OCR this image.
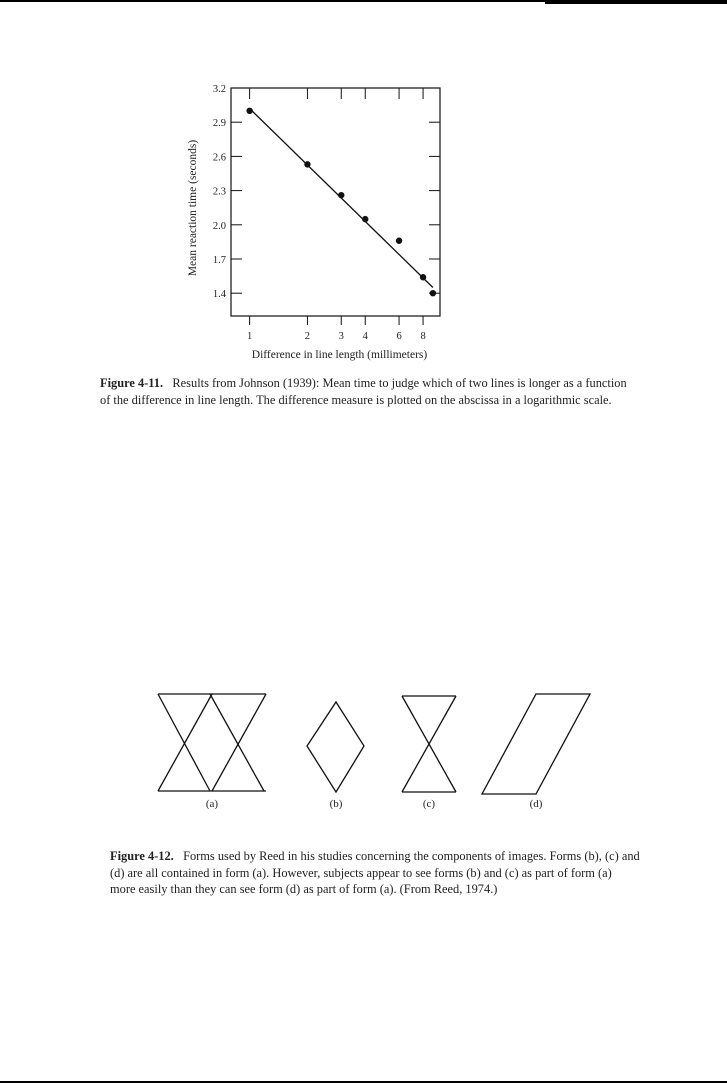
1.4
1.7
2.0
2.3
2.6
2.9
3.2
1	2	3 4	6 8
Difference in line length (millimeters)
Mean reaction time (seconds)
Figure 4-11. Results from Johnson (1939): Mean time to judge which of two lines is longer as a function of the difference in line length. The difference measure is plotted on the abscissa in a logarithmic scale.
(a)	(b)	(c)	(d)
Figure 4-12. Forms used by Reed in his studies concerning the components of images. Forms (b), (c) and (d) are all contained in form (a). However, subjects appear to see forms (b) and (c) as part of form (a) more easily than they can see form (d) as part of form (a). (From Reed, 1974.)
